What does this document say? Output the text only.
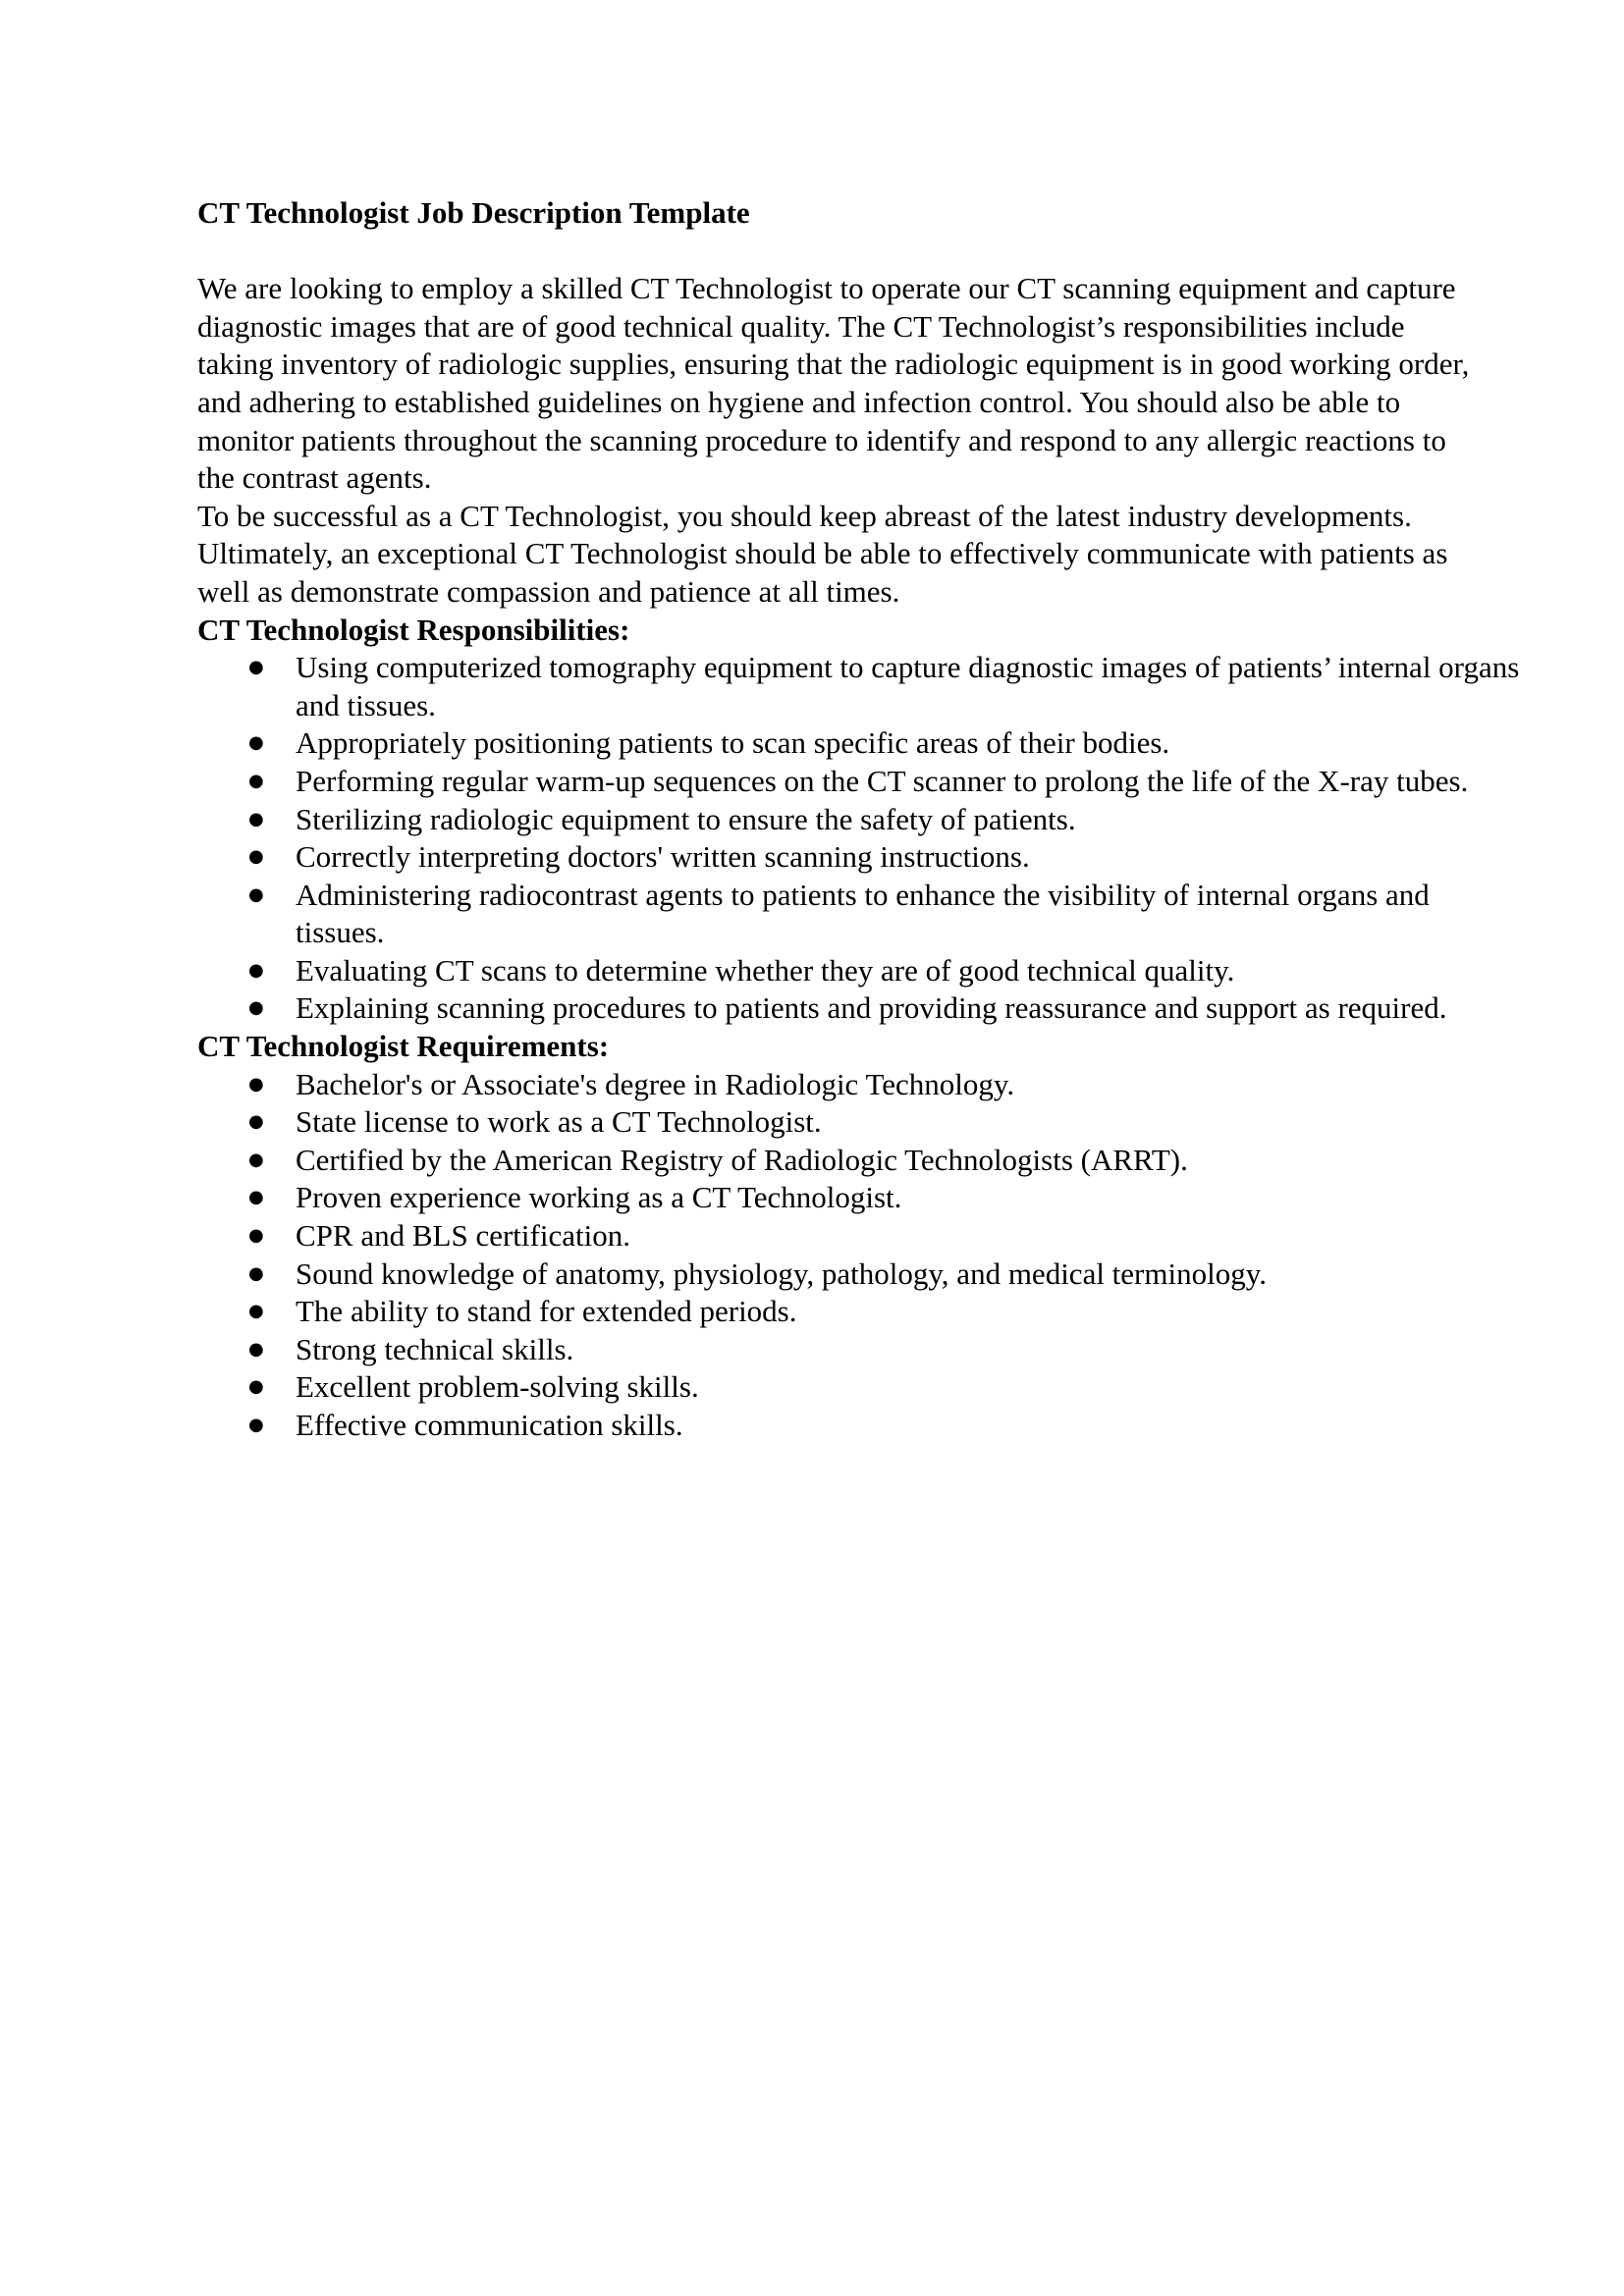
CT Technologist Job Description Template

We are looking to employ a skilled CT Technologist to operate our CT scanning equipment and capture diagnostic images that are of good technical quality. The CT Technologist’s responsibilities include taking inventory of radiologic supplies, ensuring that the radiologic equipment is in good working order, and adhering to established guidelines on hygiene and infection control. You should also be able to monitor patients throughout the scanning procedure to identify and respond to any allergic reactions to the contrast agents.

To be successful as a CT Technologist, you should keep abreast of the latest industry developments. Ultimately, an exceptional CT Technologist should be able to effectively communicate with patients as well as demonstrate compassion and patience at all times.

CT Technologist Responsibilities:
● Using computerized tomography equipment to capture diagnostic images of patients’ internal organs and tissues.
● Appropriately positioning patients to scan specific areas of their bodies.
● Performing regular warm-up sequences on the CT scanner to prolong the life of the X-ray tubes.
● Sterilizing radiologic equipment to ensure the safety of patients.
● Correctly interpreting doctors' written scanning instructions.
● Administering radiocontrast agents to patients to enhance the visibility of internal organs and tissues.
● Evaluating CT scans to determine whether they are of good technical quality.
● Explaining scanning procedures to patients and providing reassurance and support as required.
CT Technologist Requirements:
● Bachelor's or Associate's degree in Radiologic Technology.
● State license to work as a CT Technologist.
● Certified by the American Registry of Radiologic Technologists (ARRT).
● Proven experience working as a CT Technologist.
● CPR and BLS certification.
● Sound knowledge of anatomy, physiology, pathology, and medical terminology.
● The ability to stand for extended periods.
● Strong technical skills.
● Excellent problem-solving skills.
● Effective communication skills.
